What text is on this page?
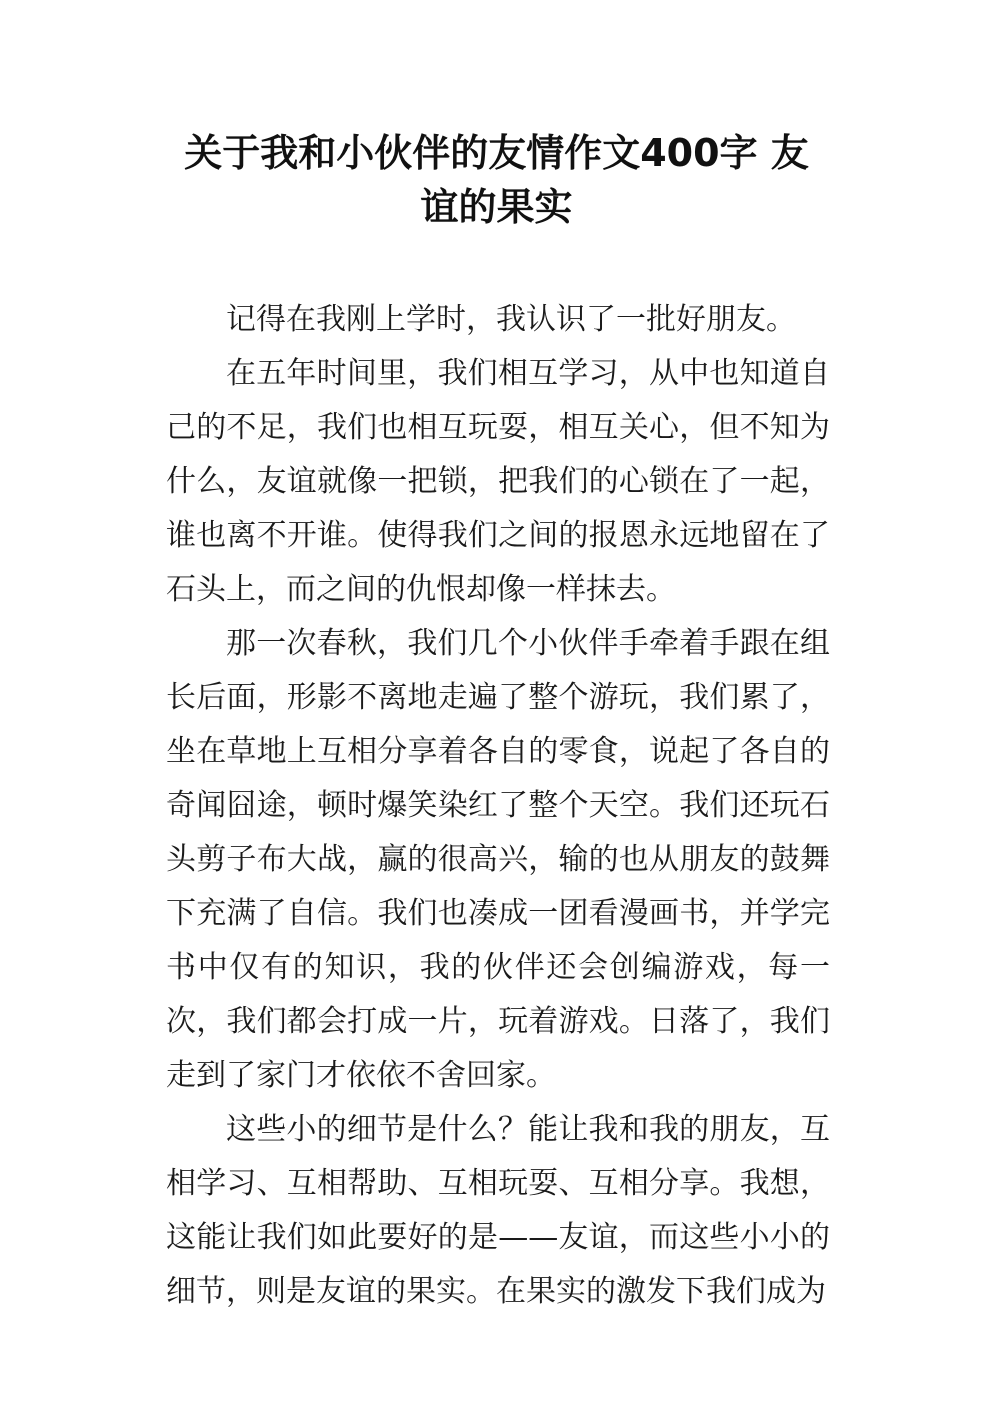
关于我和小伙伴的友情作文400字 友
谊的果实

记得在我刚上学时，我认识了一批好朋友。

在五年时间里，我们相互学习，从中也知道自己的不足，我们也相互玩耍，相互关心，但不知为什么，友谊就像一把锁，把我们的心锁在了一起，谁也离不开谁。使得我们之间的报恩永远地留在了石头上，而之间的仇恨却像一样抹去。

那一次春秋，我们几个小伙伴手牵着手跟在组长后面，形影不离地走遍了整个游玩，我们累了，坐在草地上互相分享着各自的零食，说起了各自的奇闻囧途，顿时爆笑染红了整个天空。我们还玩石头剪子布大战，赢的很高兴，输的也从朋友的鼓舞下充满了自信。我们也凑成一团看漫画书，并学完书中仅有的知识，我的伙伴还会创编游戏，每一次，我们都会打成一片，玩着游戏。日落了，我们走到了家门才依依不舍回家。

这些小的细节是什么？能让我和我的朋友，互相学习、互相帮助、互相玩耍、互相分享。我想，这能让我们如此要好的是——友谊，而这些小小的细节，则是友谊的果实。在果实的激发下我们成为
